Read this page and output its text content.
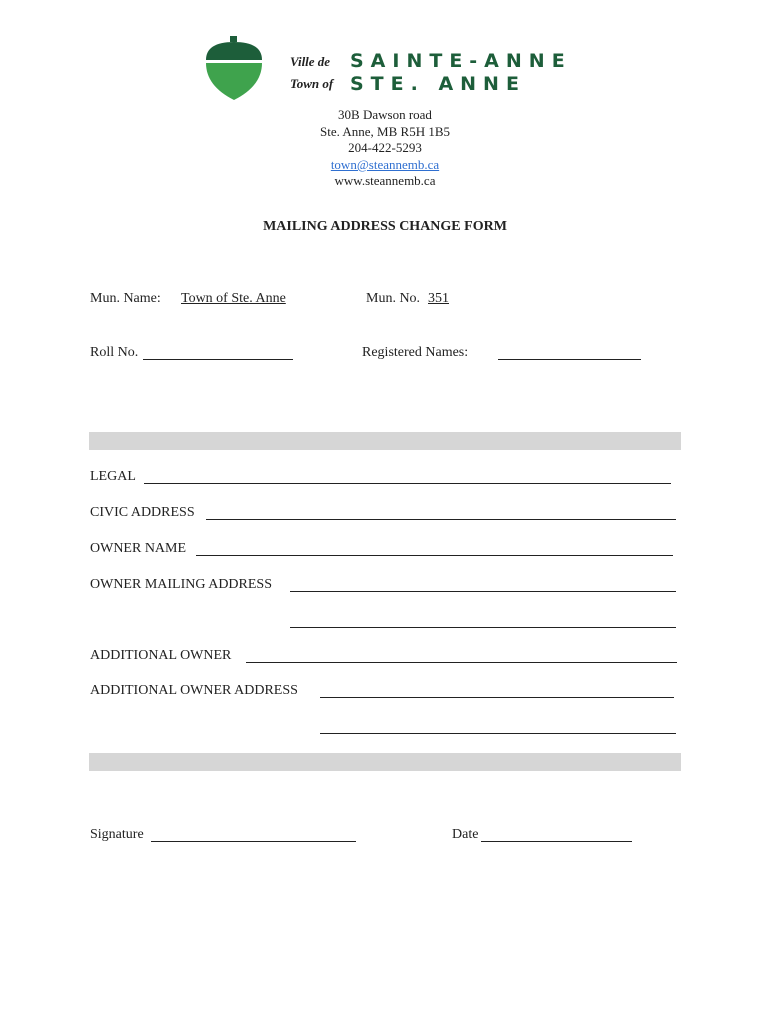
Ville de
Town of
SAINTE-ANNE
STE. ANNE
30B Dawson road
Ste. Anne, MB R5H 1B5
204-422-5293
town@steannemb.ca
www.steannemb.ca
MAILING ADDRESS CHANGE FORM
Mun. Name: Town of Ste. Anne	Mun. No. 351
Roll No.	Registered Names:
LEGAL
CIVIC ADDRESS
OWNER NAME
OWNER MAILING ADDRESS
ADDITIONAL OWNER
ADDITIONAL OWNER ADDRESS
Signature	Date
